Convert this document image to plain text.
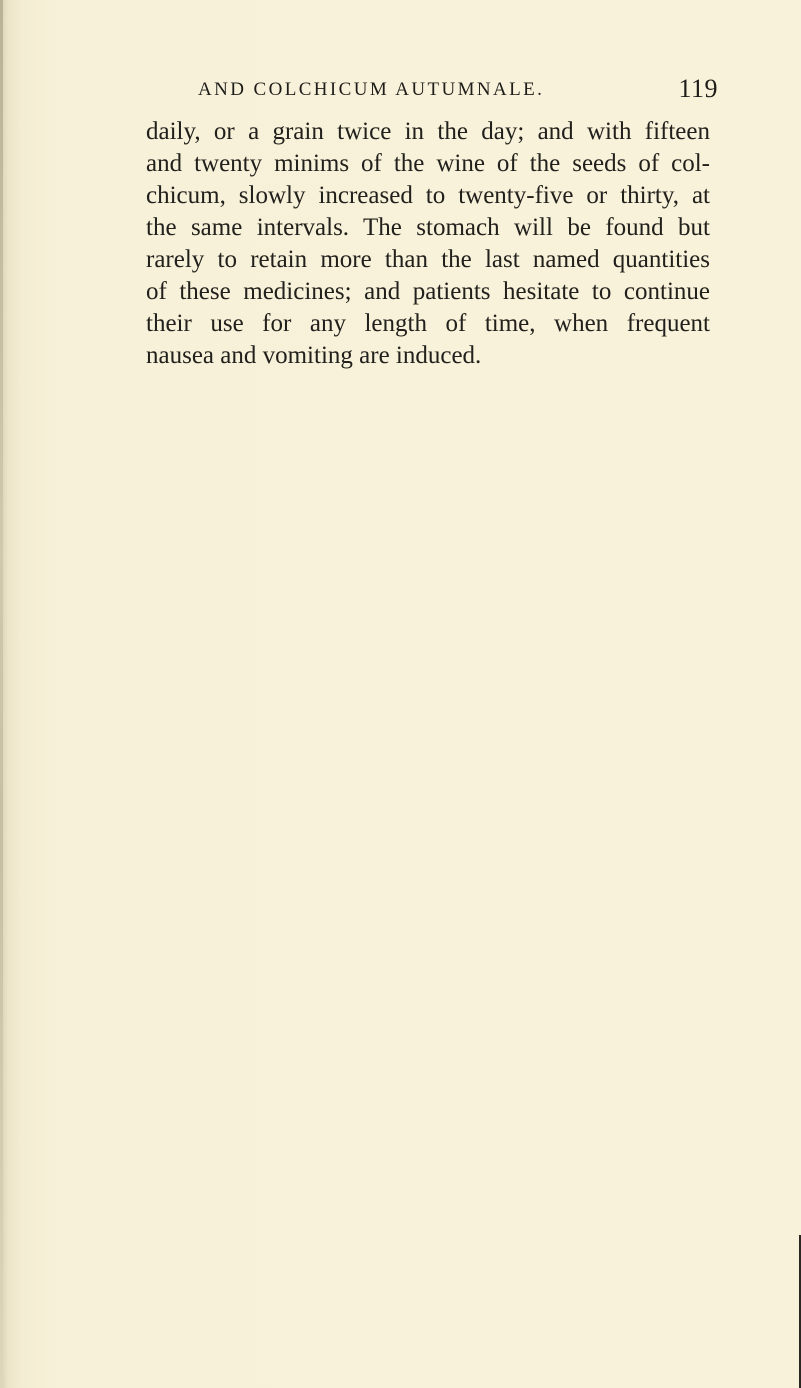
AND COLCHICUM AUTUMNALE.	119
daily, or a grain twice in the day; and with fifteen
and twenty minims of the wine of the seeds of col-
chicum, slowly increased to twenty-five or thirty, at
the same intervals. The stomach will be found but
rarely to retain more than the last named quantities
of these medicines; and patients hesitate to continue
their use for any length of time, when frequent
nausea and vomiting are induced.
